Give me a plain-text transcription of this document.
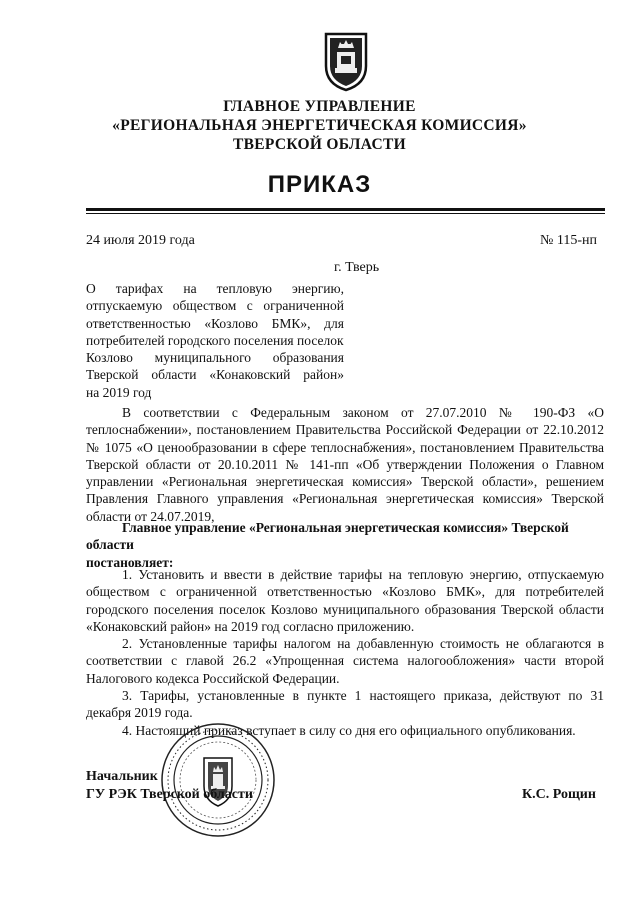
ГЛАВНОЕ УПРАВЛЕНИЕ
«РЕГИОНАЛЬНАЯ ЭНЕРГЕТИЧЕСКАЯ КОМИССИЯ»
ТВЕРСКОЙ ОБЛАСТИ
ПРИКАЗ
24 июля 2019 года	№ 115-нп
г. Тверь
О тарифах на тепловую энергию,
отпускаемую обществом с ограниченной
ответственностью «Козлово БМК», для
потребителей городского поселения поселок
Козлово муниципального образования
Тверской области «Конаковский район»
на 2019 год

В соответствии с Федеральным законом от 27.07.2010 № 190-ФЗ «О теплоснабжении», постановлением Правительства Российской Федерации от 22.10.2012 № 1075 «О ценообразовании в сфере теплоснабжения», постановлением Правительства Тверской области от 20.10.2011 № 141-пп «Об утверждении Положения о Главном управлении «Региональная энергетическая комиссия» Тверской области», решением Правления Главного управления «Региональная энергетическая комиссия» Тверской области от 24.07.2019,

Главное управление «Региональная энергетическая комиссия» Тверской области

постановляет:

1. Установить и ввести в действие тарифы на тепловую энергию, отпускаемую обществом с ограниченной ответственностью «Козлово БМК», для потребителей городского поселения поселок Козлово муниципального образования Тверской области «Конаковский район» на 2019 год согласно приложению.

2. Установленные тарифы налогом на добавленную стоимость не облагаются в соответствии с главой 26.2 «Упрощенная система налогообложения» части второй Налогового кодекса Российской Федерации.

3. Тарифы, установленные в пункте 1 настоящего приказа, действуют по 31 декабря 2019 года.

4. Настоящий приказ вступает в силу со дня его официального опубликования.

Начальник
ГУ РЭК Тверской области	К.С. Рощин
